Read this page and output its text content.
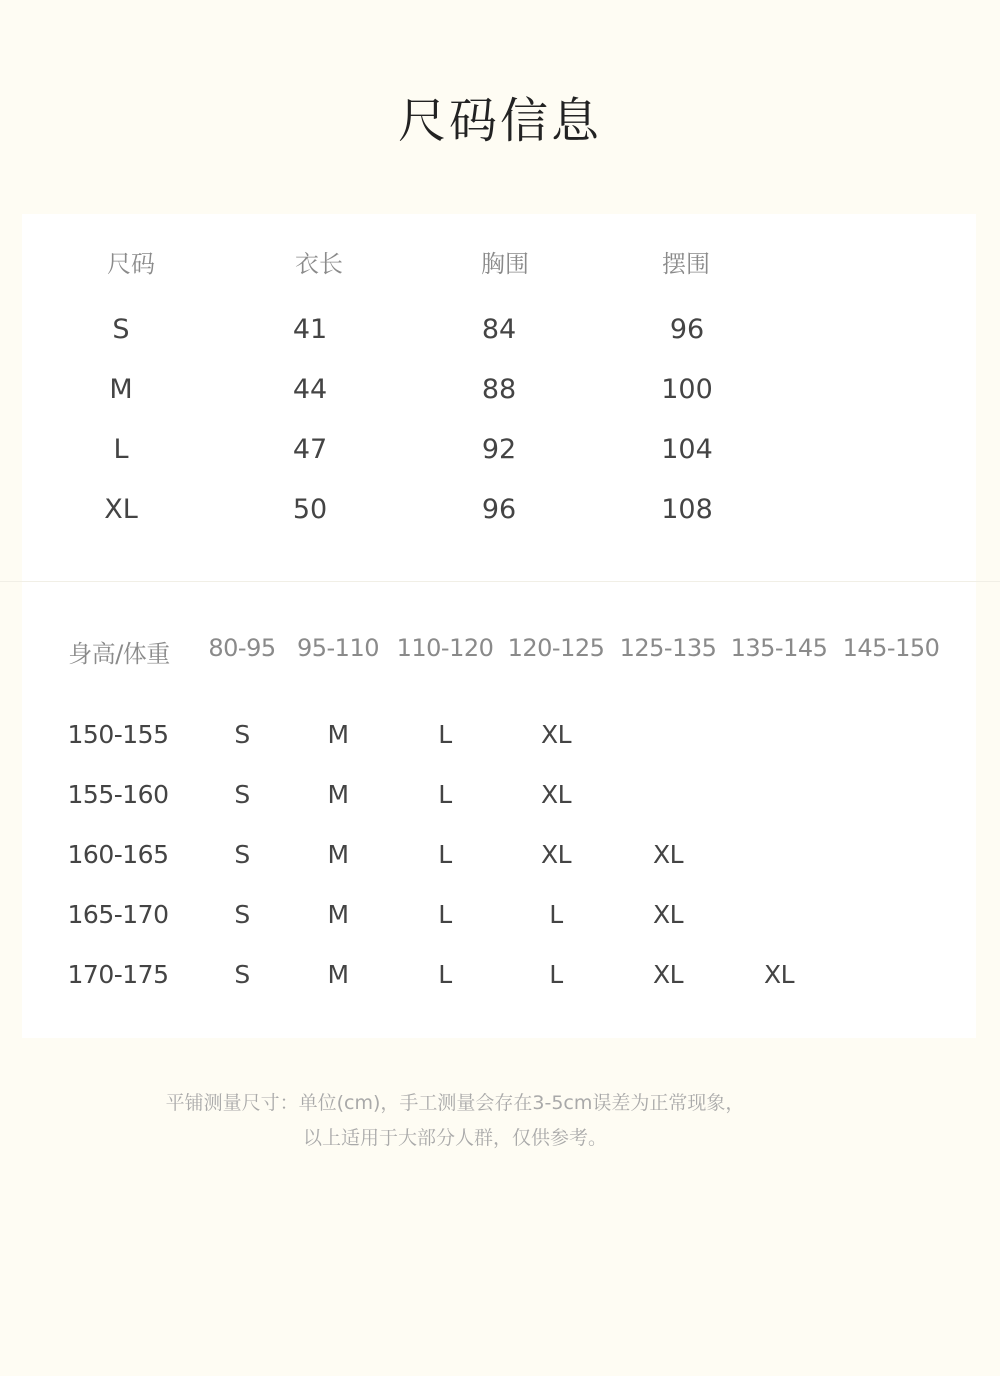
尺码信息
尺码	衣长	胸围	摆围
S	41	84	96
M	44	88	100
L	47	92	104
XL	50	96	108
身高/体重	80-95 95-110 110-120 120-125 125-135 135-145 145-150
150-155	S	M	L	XL
155-160	S	M	L	XL
160-165	S	M	L	XL	XL
165-170	S	M	L	L	XL
170-175	S	M	L	L	XL	XL
平铺测量尺寸：单位(cm)，手工测量会存在3-5cm误差为正常现象，
以上适用于大部分人群，仅供参考。
